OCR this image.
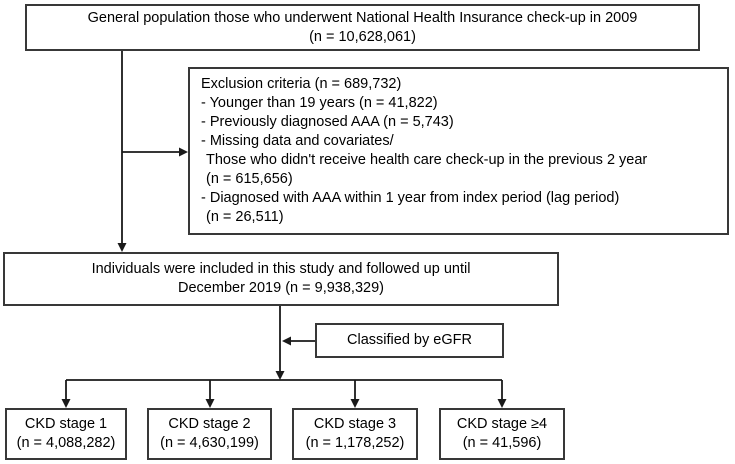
General population those who underwent National Health Insurance check-up in 2009
(n = 10,628,061)
Exclusion criteria (n = 689,732)
- Younger than 19 years (n = 41,822)
- Previously diagnosed AAA (n = 5,743)
- Missing data and covariates/
Those who didn't receive health care check-up in the previous 2 year
(n = 615,656)
- Diagnosed with AAA within 1 year from index period (lag period)
(n = 26,511)
Individuals were included in this study and followed up until
December 2019 (n = 9,938,329)
Classified by eGFR
CKD stage 1
(n = 4,088,282)
CKD stage 2
(n = 4,630,199)
CKD stage 3
(n = 1,178,252)
CKD stage ≥4
(n = 41,596)
